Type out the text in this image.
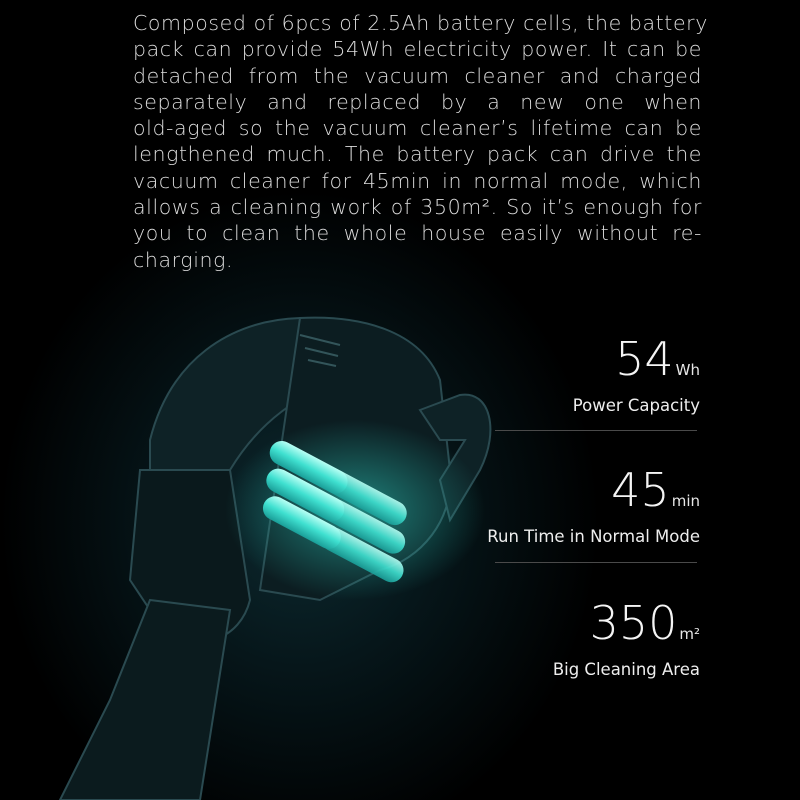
Composed of 6pcs of 2.5Ah battery cells, the battery
pack can provide 54Wh electricity power. It can be
detached from the vacuum cleaner and charged
separately and replaced by a new one when
old-aged so the vacuum cleaner’s lifetime can be
lengthened much. The battery pack can drive the
vacuum cleaner for 45min in normal mode, which
allows a cleaning work of 350m². So it’s enough for
you to clean the whole house easily without re-
charging.
54 Wh
Power Capacity
45 min
Run Time in Normal Mode
350 m²
Big Cleaning Area
